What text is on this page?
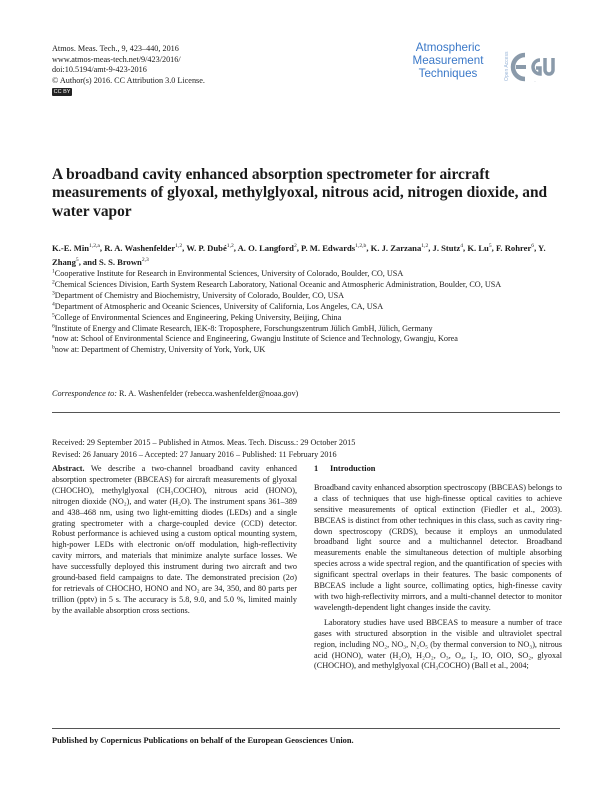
Atmos. Meas. Tech., 9, 423–440, 2016
www.atmos-meas-tech.net/9/423/2016/
doi:10.5194/amt-9-423-2016
© Author(s) 2016. CC Attribution 3.0 License.
CC BY
Atmospheric
Measurement
Techniques	Open Access
EGU
A broadband cavity enhanced absorption spectrometer for aircraft measurements of glyoxal, methylglyoxal, nitrous acid, nitrogen dioxide, and water vapor
K.-E. Min$^{1,2,a}$, R. A. Washenfelder$^{1,2}$, W. P. Dubé$^{1,2}$, A. O. Langford$^2$, P. M. Edwards$^{1,2,b}$, K. J. Zarzana$^{1,2}$, J. Stutz$^4$, K. Lu$^5$, F. Rohrer$^6$, Y. Zhang$^5$, and S. S. Brown$^{2,3}$
$^1$Cooperative Institute for Research in Environmental Sciences, University of Colorado, Boulder, CO, USA
$^2$Chemical Sciences Division, Earth System Research Laboratory, National Oceanic and Atmospheric Administration, Boulder, CO, USA
$^3$Department of Chemistry and Biochemistry, University of Colorado, Boulder, CO, USA
$^4$Department of Atmospheric and Oceanic Sciences, University of California, Los Angeles, CA, USA
$^5$College of Environmental Sciences and Engineering, Peking University, Beijing, China
$^6$Institute of Energy and Climate Research, IEK-8: Troposphere, Forschungszentrum Jülich GmbH, Jülich, Germany
$^a$now at: School of Environmental Science and Engineering, Gwangju Institute of Science and Technology, Gwangju, Korea
$^b$now at: Department of Chemistry, University of York, York, UK
Correspondence to: R. A. Washenfelder (rebecca.washenfelder@noaa.gov)
Received: 29 September 2015 – Published in Atmos. Meas. Tech. Discuss.: 29 October 2015
Revised: 26 January 2016 – Accepted: 27 January 2016 – Published: 11 February 2016
Abstract. We describe a two-channel broadband cavity enhanced absorption spectrometer (BBCEAS) for aircraft measurements of glyoxal (CHOCHO), methylglyoxal (CH₃COCHO), nitrous acid (HONO), nitrogen dioxide (NO₂), and water (H₂O). The instrument spans 361–389 and 438–468 nm, using two light-emitting diodes (LEDs) and a single grating spectrometer with a charge-coupled device (CCD) detector. Robust performance is achieved using a custom optical mounting system, high-power LEDs with electronic on/off modulation, high-reflectivity cavity mirrors, and materials that minimize analyte surface losses. We have successfully deployed this instrument during two aircraft and two ground-based field campaigns to date. The demonstrated precision (2σ) for retrievals of CHOCHO, HONO and NO₂ are 34, 350, and 80 parts per trillion (pptv) in 5 s. The accuracy is 5.8, 9.0, and 5.0 %, limited mainly by the available absorption cross sections.
1 Introduction

Broadband cavity enhanced absorption spectroscopy (BBCEAS) belongs to a class of techniques that use high-finesse optical cavities to achieve sensitive measurements of optical extinction (Fiedler et al., 2003). BBCEAS is distinct from other techniques in this class, such as cavity ring-down spectroscopy (CRDS), because it employs an unmodulated broadband light source and a multichannel detector. Broadband measurements enable the simultaneous detection of multiple absorbing species across a wide spectral region, and the quantification of species with significant spectral overlaps in their features. The basic components of BBCEAS include a light source, collimating optics, high-finesse cavity with two high-reflectivity mirrors, and a multi-channel detector to monitor wavelength-dependent light changes inside the cavity.

Laboratory studies have used BBCEAS to measure a number of trace gases with structured absorption in the visible and ultraviolet spectral region, including NO₂, NO₃, N₂O₅ (by thermal conversion to NO₃), nitrous acid (HONO), water (H₂O), H₂O₂, O₃, O₄, I₂, IO, OIO, SO₂, glyoxal (CHOCHO), and methylglyoxal (CH₃COCHO) (Ball et al., 2004;

Published by Copernicus Publications on behalf of the European Geosciences Union.
